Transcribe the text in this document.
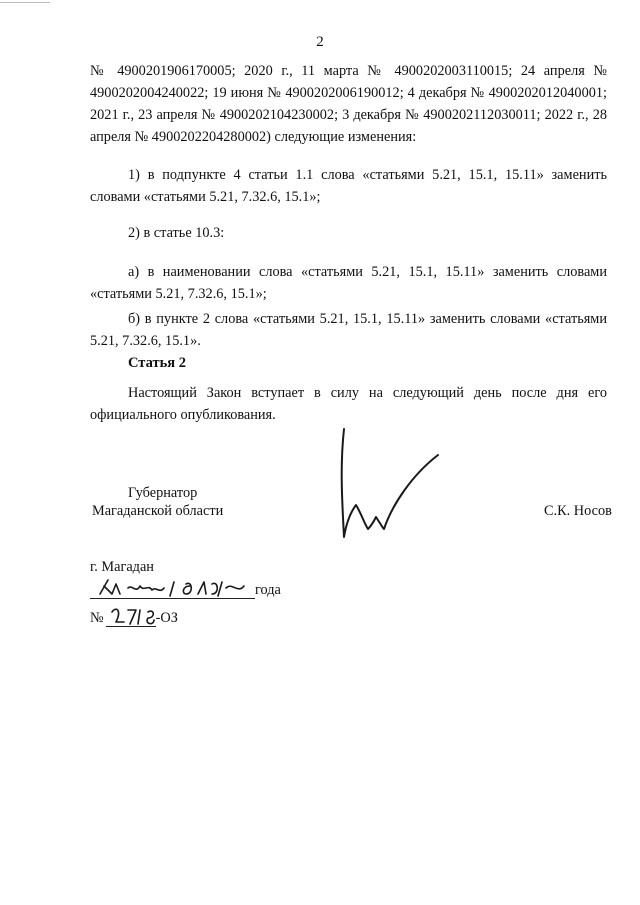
2

№ 4900201906170005; 2020 г., 11 марта № 4900202003110015; 24 апреля № 4900202004240022; 19 июня № 4900202006190012; 4 декабря № 4900202012040001; 2021 г., 23 апреля № 4900202104230002; 3 декабря № 4900202112030011; 2022 г., 28 апреля № 4900202204280002) следующие изменения:

1) в подпункте 4 статьи 1.1 слова «статьями 5.21, 15.1, 15.11» заменить словами «статьями 5.21, 7.32.6, 15.1»;

2) в статье 10.3:

а) в наименовании слова «статьями 5.21, 15.1, 15.11» заменить словами «статьями 5.21, 7.32.6, 15.1»;

б) в пункте 2 слова «статьями 5.21, 15.1, 15.11» заменить словами «статьями 5.21, 7.32.6, 15.1».

Статья 2

Настоящий Закон вступает в силу на следующий день после дня его официального опубликования.

Губернатор
Магаданской области	С.К. Носов
г. Магадан
года
№	-ОЗ
